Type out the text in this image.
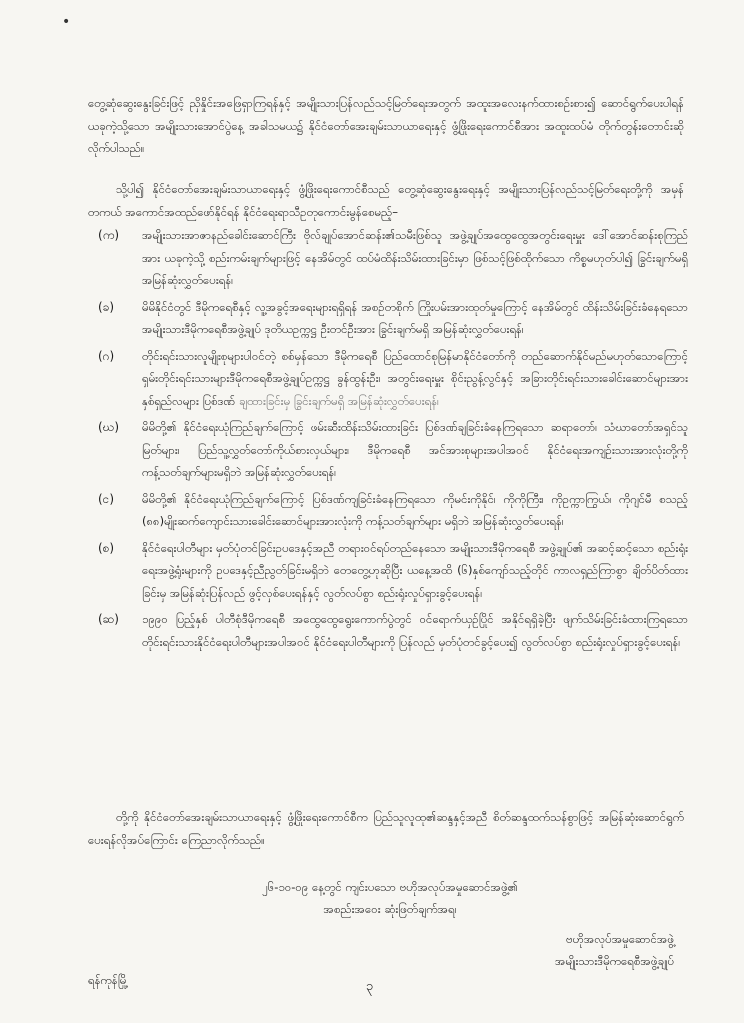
•

တွေ့ဆုံဆွေးနွေးခြင်းဖြင့် ညှိနှိုင်းအဖြေရှာကြရန်နှင့် အမျိုးသားပြန်လည်သင့်မြတ်ရေးအတွက် အထူးအလေးနက်ထားစဉ်းစား၍ ဆောင်ရွက်ပေးပါရန် ယခုကဲ့သို့သော အမျိုးသားအောင်ပွဲနေ့ အခါသမယ၌ နိုင်ငံတော်အေးချမ်းသာယာရေးနှင့် ဖွံ့ဖြိုးရေးကောင်စီအား အထူးထပ်မံ တိုက်တွန်းတောင်းဆိုလိုက်ပါသည်။

သို့ပါ၍ နိုင်ငံတော်အေးချမ်းသာယာရေးနှင့် ဖွံ့ဖြိုးရေးကောင်စီသည် တွေ့ဆုံဆွေးနွေးရေးနှင့် အမျိုးသားပြန်လည်သင့်မြတ်ရေးတို့ကို အမှန်တကယ် အကောင်အထည်ဖော်နိုင်ရန် နိုင်ငံရေးရာသီဥတုကောင်းမွန်စေမည့်–

(က)	အမျိုးသားအာဇာနည်ခေါင်းဆောင်ကြီး ဗိုလ်ချုပ်အောင်ဆန်း၏သမီးဖြစ်သူ အဖွဲ့ချုပ်အထွေထွေအတွင်းရေးမှူး ဒေါ်အောင်ဆန်းစုကြည်အား ယခုကဲ့သို့ စည်းကမ်းချက်များဖြင့် နေအိမ်တွင် ထပ်မံထိန်းသိမ်းထားခြင်းမှာ ဖြစ်သင့်ဖြစ်ထိုက်သော ကိစ္စမဟုတ်ပါ၍ ခြွင်းချက်မရှိ အမြန်ဆုံးလွှတ်ပေးရန်၊

(ခ)	မိမိနိုင်ငံတွင် ဒီမိုကရေစီနှင့် လူ့အခွင့်အရေးများရရှိရန် အစဉ်တစိုက် ကြိုးပမ်းအားထုတ်မှုကြောင့် နေအိမ်တွင် ထိန်းသိမ်းခြင်းခံနေရသော အမျိုးသားဒီမိုကရေစီအဖွဲ့ချုပ် ဒုတိယဥက္ကဋ္ဌ ဦးတင်ဦးအား ခြွင်းချက်မရှိ အမြန်ဆုံးလွှတ်ပေးရန်၊

(ဂ)	တိုင်းရင်းသားလူမျိုးစုများပါဝင်တဲ့ စစ်မှန်သော ဒီမိုကရေစီ ပြည်ထောင်စုမြန်မာနိုင်ငံတော်ကို တည်ဆောက်နိုင်မည်မဟုတ်သောကြောင့် ရှမ်းတိုင်းရင်းသားများဒီမိုကရေစီအဖွဲ့ချုပ်ဥက္ကဋ္ဌ ခွန်ထွန်းဦး၊ အတွင်းရေးမှူး စိုင်းညွန့်လွင်နှင့် အခြားတိုင်းရင်းသားခေါင်းဆောင်များအား နှစ်ရှည်လများ ပြစ်ဒဏ် ချထားခြင်းမှ ခြွင်းချက်မရှိ အမြန်ဆုံးလွှတ်ပေးရန်၊

(ဃ)	မိမိတို့၏ နိုင်ငံရေးယုံကြည်ချက်ကြောင့် ဖမ်းဆီးထိန်းသိမ်းထားခြင်း ပြစ်ဒဏ်ချခြင်းခံနေကြရသော ဆရာတော်၊ သံဃာတော်အရှင်သူမြတ်များ၊ ပြည်သူ့လွှတ်တော်ကိုယ်စားလှယ်များ၊ ဒီမိုကရေစီ အင်အားစုများအပါအဝင် နိုင်ငံရေးအကျဉ်းသားအားလုံးတို့ကို ကန့်သတ်ချက်များမရှိဘဲ အမြန်ဆုံးလွှတ်ပေးရန်၊

(င)	မိမိတို့၏ နိုင်ငံရေးယုံကြည်ချက်ကြောင့် ပြစ်ဒဏ်ကျခြင်းခံနေကြရသော ကိုမင်းကိုနိုင်၊ ကိုကိုကြီး၊ ကိုဥက္ကာကြွယ်၊ ကိုဂျင်မီ စသည့် (၈၈)မျိုးဆက်ကျောင်းသားခေါင်းဆောင်များအားလုံးကို ကန့်သတ်ချက်များ မရှိဘဲ အမြန်ဆုံးလွှတ်ပေးရန်၊

(စ)	နိုင်ငံရေးပါတီများ မှတ်ပုံတင်ခြင်းဥပဒေနှင့်အညီ တရားဝင်ရပ်တည်နေသော အမျိုးသားဒီမိုကရေစီ အဖွဲ့ချုပ်၏ အဆင့်ဆင့်သော စည်းရုံးရေးအဖွဲ့ရုံးများကို ဥပဒေနှင့်ညီညွတ်ခြင်းမရှိဘဲ တေတွေ့ဟုဆိုပြီး ယနေ့အထိ (၆)နှစ်ကျော်သည့်တိုင် ကာလရှည်ကြာစွာ ချိတ်ပိတ်ထားခြင်းမှ အမြန်ဆုံးပြန်လည် ဖွင့်လှစ်ပေးရန်နှင့် လွတ်လပ်စွာ စည်းရုံးလှုပ်ရှားခွင့်ပေးရန်၊

(ဆ)	၁၉၉၀ ပြည့်နှစ် ပါတီစုံဒီမိုကရေစီ အထွေထွေရွေးကောက်ပွဲတွင် ဝင်ရောက်ယှဉ်ပြိုင် အနိုင်ရရှိခဲ့ပြီး ဖျက်သိမ်းခြင်းခံထားကြရသော တိုင်းရင်းသားနိုင်ငံရေးပါတီများအပါအဝင် နိုင်ငံရေးပါတီများကို ပြန်လည် မှတ်ပုံတင်ခွင့်ပေး၍ လွတ်လပ်စွာ စည်းရုံးလှုပ်ရှားခွင့်ပေးရန်၊

တို့ကို နိုင်ငံတော်အေးချမ်းသာယာရေးနှင့် ဖွံ့ဖြိုးရေးကောင်စီက ပြည်သူလူထု၏ဆန္ဒနှင့်အညီ စိတ်ဆန္ဒထက်သန်စွာဖြင့် အမြန်ဆုံးဆောင်ရွက်ပေးရန်လိုအပ်ကြောင်း ကြေညာလိုက်သည်။

၂၆-၁၀-၀၉ နေ့တွင် ကျင်းပသော ဗဟိုအလုပ်အမှုဆောင်အဖွဲ့၏
အစည်းအဝေး ဆုံးဖြတ်ချက်အရ၊
ဗဟိုအလုပ်အမှုဆောင်အဖွဲ့
အမျိုးသားဒီမိုကရေစီအဖွဲ့ချုပ်
ရန်ကုန်မြို့	၃
